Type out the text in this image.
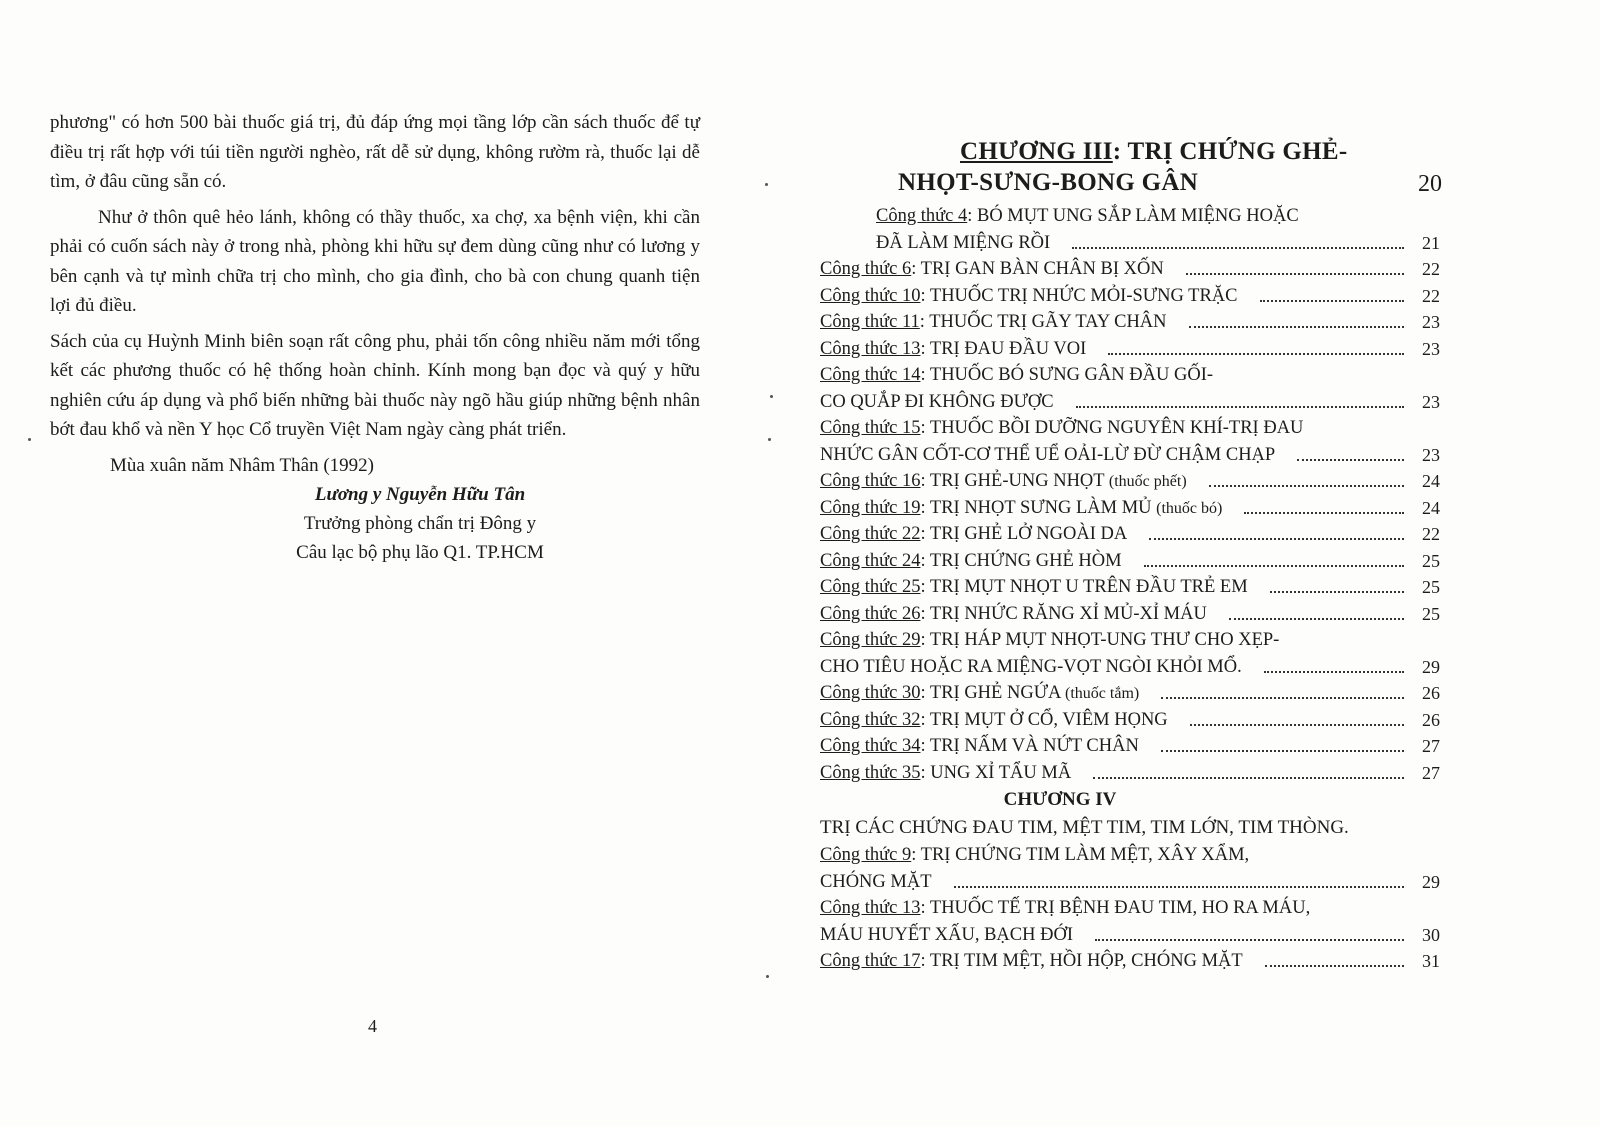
phương" có hơn 500 bài thuốc giá trị, đủ đáp ứng mọi tầng lớp cần sách thuốc để tự điều trị rất hợp với túi tiền người nghèo, rất dễ sử dụng, không rườm rà, thuốc lại dễ tìm, ở đâu cũng sẵn có.

Như ở thôn quê hẻo lánh, không có thầy thuốc, xa chợ, xa bệnh viện, khi cần phải có cuốn sách này ở trong nhà, phòng khi hữu sự đem dùng cũng như có lương y bên cạnh và tự mình chữa trị cho mình, cho gia đình, cho bà con chung quanh tiện lợi đủ điều.

Sách của cụ Huỳnh Minh biên soạn rất công phu, phải tốn công nhiều năm mới tổng kết các phương thuốc có hệ thống hoàn chỉnh. Kính mong bạn đọc và quý y hữu nghiên cứu áp dụng và phổ biến những bài thuốc này ngõ hầu giúp những bệnh nhân bớt đau khổ và nền Y học Cổ truyền Việt Nam ngày càng phát triển.

Mùa xuân năm Nhâm Thân (1992)
Lương y Nguyễn Hữu Tân
Trưởng phòng chẩn trị Đông y
Câu lạc bộ phụ lão Q1. TP.HCM
4
CHƯƠNG III: TRỊ CHỨNG GHẺ-
NHỌT-SƯNG-BONG GÂN	20
Công thức 4: BÓ MỤT UNG SẮP LÀM MIỆNG HOẶC
ĐÃ LÀM MIỆNG RỒI	21
Công thức 6: TRỊ GAN BÀN CHÂN BỊ XỐN	22
Công thức 10: THUỐC TRỊ NHỨC MỎI-SƯNG TRẶC	22
Công thức 11: THUỐC TRỊ GÃY TAY CHÂN	23
Công thức 13: TRỊ ĐAU ĐẦU VOI	23
Công thức 14: THUỐC BÓ SƯNG GÂN ĐẦU GỐI-
CO QUẮP ĐI KHÔNG ĐƯỢC	23
Công thức 15: THUỐC BỒI DƯỠNG NGUYÊN KHÍ-TRỊ ĐAU
NHỨC GÂN CỐT-CƠ THỂ UỂ OẢI-LỪ ĐỪ CHẬM CHẠP	23
Công thức 16: TRỊ GHẺ-UNG NHỌT (thuốc phết)	24
Công thức 19: TRỊ NHỌT SƯNG LÀM MỦ (thuốc bó)	24
Công thức 22: TRỊ GHẺ LỞ NGOÀI DA	22
Công thức 24: TRỊ CHỨNG GHẺ HÒM	25
Công thức 25: TRỊ MỤT NHỌT U TRÊN ĐẦU TRẺ EM	25
Công thức 26: TRỊ NHỨC RĂNG XỈ MỦ-XỈ MÁU	25
Công thức 29: TRỊ HÁP MỤT NHỌT-UNG THƯ CHO XẸP-
CHO TIÊU HOẶC RA MIỆNG-VỌT NGÒI KHỎI MỔ.	29
Công thức 30: TRỊ GHẺ NGỨA (thuốc tắm)	26
Công thức 32: TRỊ MỤT Ở CỔ, VIÊM HỌNG	26
Công thức 34: TRỊ NẤM VÀ NỨT CHÂN	27
Công thức 35: UNG XỈ TẨU MÃ	27
CHƯƠNG IV
TRỊ CÁC CHỨNG ĐAU TIM, MỆT TIM, TIM LỚN, TIM THÒNG.
Công thức 9: TRỊ CHỨNG TIM LÀM MỆT, XÂY XẨM,
CHÓNG MẶT	29
Công thức 13: THUỐC TẾ TRỊ BỆNH ĐAU TIM, HO RA MÁU,
MÁU HUYẾT XẤU, BẠCH ĐỚI	30
Công thức 17: TRỊ TIM MỆT, HỒI HỘP, CHÓNG MẶT	31
